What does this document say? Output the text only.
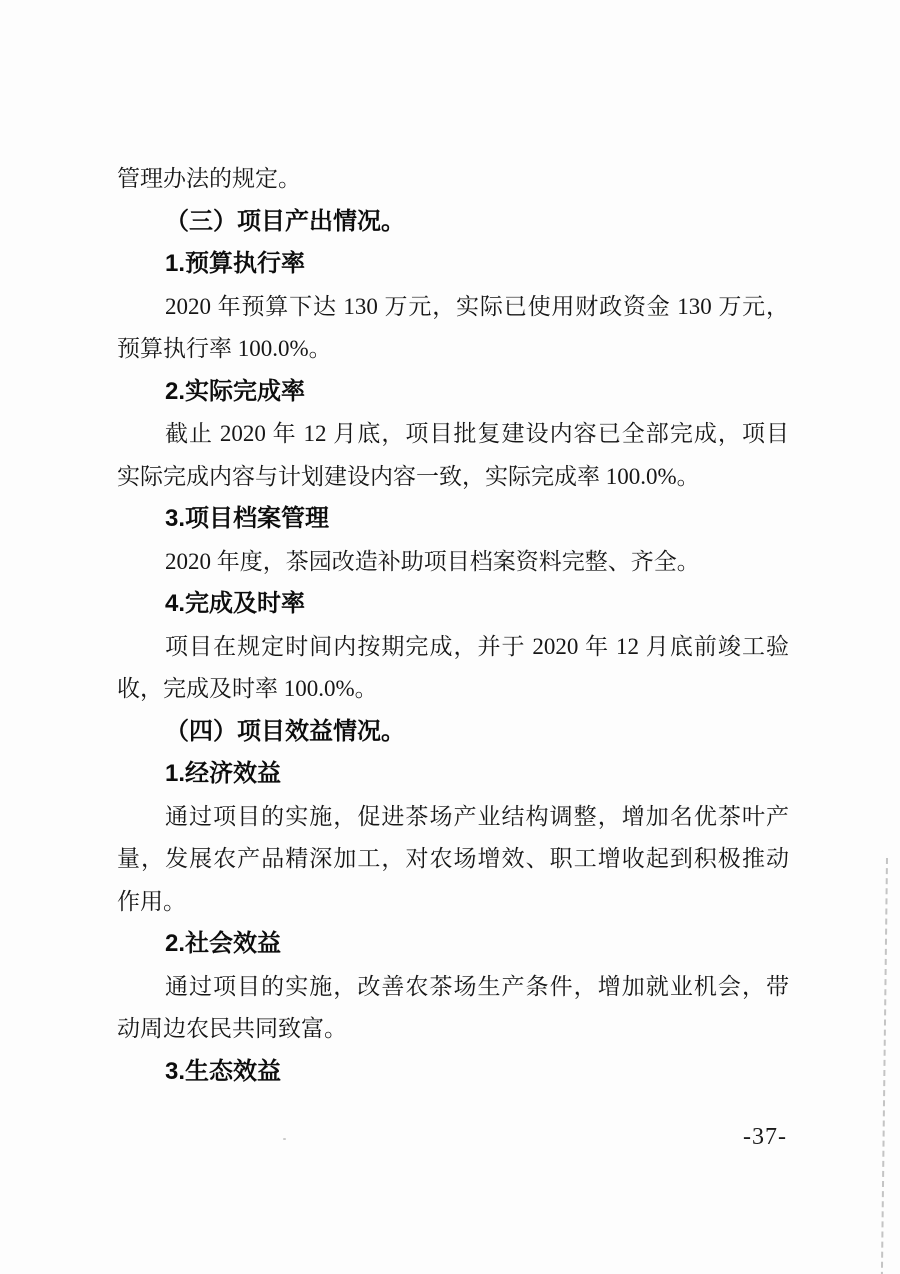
管理办法的规定。
（三）项目产出情况。
1.预算执行率
2020 年预算下达 130 万元，实际已使用财政资金 130 万元，
预算执行率 100.0%。
2.实际完成率
截止 2020 年 12 月底，项目批复建设内容已全部完成，项目
实际完成内容与计划建设内容一致，实际完成率 100.0%。
3.项目档案管理
2020 年度，茶园改造补助项目档案资料完整、齐全。
4.完成及时率
项目在规定时间内按期完成，并于 2020 年 12 月底前竣工验
收，完成及时率 100.0%。
（四）项目效益情况。
1.经济效益
通过项目的实施，促进茶场产业结构调整，增加名优茶叶产
量，发展农产品精深加工，对农场增效、职工增收起到积极推动
作用。
2.社会效益
通过项目的实施，改善农茶场生产条件，增加就业机会，带
动周边农民共同致富。
3.生态效益
-37-
